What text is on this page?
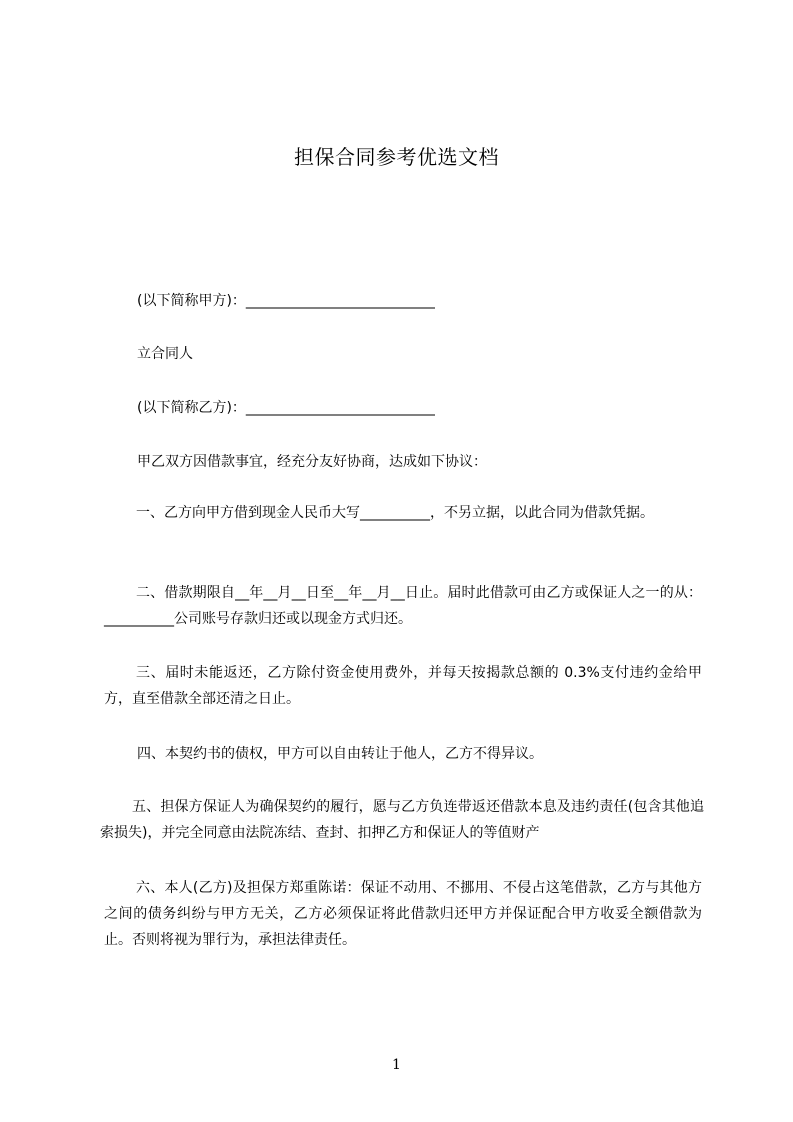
担保合同参考优选文档
(以下简称甲方)：___________________________
立合同人
(以下简称乙方)：___________________________
甲乙双方因借款事宜，经充分友好协商，达成如下协议：
一、乙方向甲方借到现金人民币大写__________，不另立据，以此合同为借款凭据。
二、借款期限自__年__月__日至__年__月__日止。届时此借款可由乙方或保证人之一的从：__________公司账号存款归还或以现金方式归还。
三、届时未能返还，乙方除付资金使用费外，并每天按揭款总额的 0.3%支付违约金给甲方，直至借款全部还清之日止。
四、本契约书的债权，甲方可以自由转让于他人，乙方不得异议。
五、担保方保证人为确保契约的履行，愿与乙方负连带返还借款本息及违约责任(包含其他追索损失)，并完全同意由法院冻结、查封、扣押乙方和保证人的等值财产
六、本人(乙方)及担保方郑重陈诺：保证不动用、不挪用、不侵占这笔借款，乙方与其他方之间的债务纠纷与甲方无关，乙方必须保证将此借款归还甲方并保证配合甲方收妥全额借款为止。否则将视为罪行为，承担法律责任。
1
